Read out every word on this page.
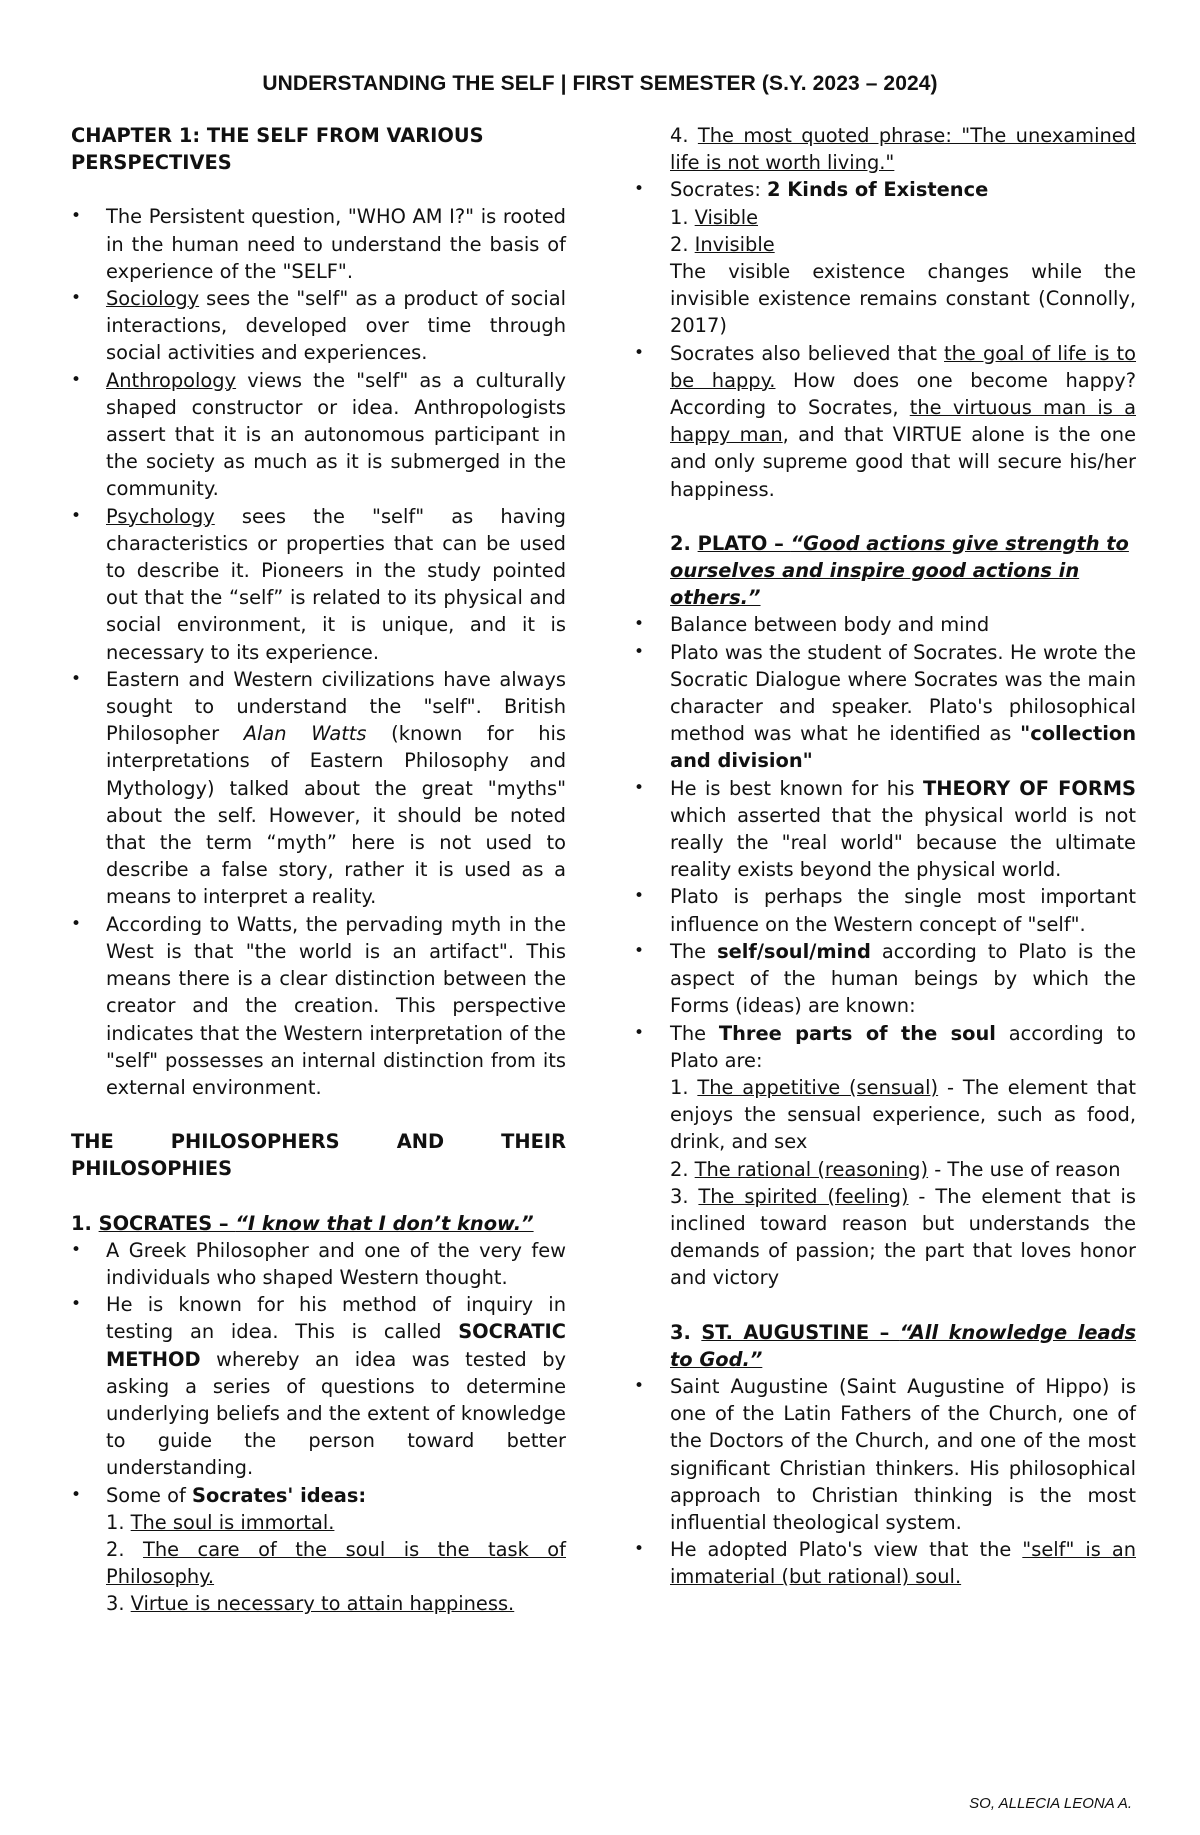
UNDERSTANDING THE SELF | FIRST SEMESTER (S.Y. 2023 – 2024)

CHAPTER 1: THE SELF FROM VARIOUS PERSPECTIVES

• The Persistent question, "WHO AM I?" is rooted in the human need to understand the basis of experience of the "SELF".
• Sociology sees the "self" as a product of social interactions, developed over time through social activities and experiences.
• Anthropology views the "self" as a culturally shaped constructor or idea. Anthropologists assert that it is an autonomous participant in the society as much as it is submerged in the community.
• Psychology sees the "self" as having characteristics or properties that can be used to describe it. Pioneers in the study pointed out that the “self” is related to its physical and social environment, it is unique, and it is necessary to its experience.
• Eastern and Western civilizations have always sought to understand the "self". British Philosopher Alan Watts (known for his interpretations of Eastern Philosophy and Mythology) talked about the great "myths" about the self. However, it should be noted that the term “myth” here is not used to describe a false story, rather it is used as a means to interpret a reality.
• According to Watts, the pervading myth in the West is that "the world is an artifact". This means there is a clear distinction between the creator and the creation. This perspective indicates that the Western interpretation of the "self" possesses an internal distinction from its external environment.

THE PHILOSOPHERS AND THEIR PHILOSOPHIES

1. SOCRATES – “I know that I don’t know.”

• A Greek Philosopher and one of the very few individuals who shaped Western thought.
• He is known for his method of inquiry in testing an idea. This is called SOCRATIC METHOD whereby an idea was tested by asking a series of questions to determine underlying beliefs and the extent of knowledge to guide the person toward better understanding.
• Some of Socrates' ideas:
1. The soul is immortal.
2. The care of the soul is the task of Philosophy.
3. Virtue is necessary to attain happiness.

4. The most quoted phrase: "The unexamined life is not worth living."

• Socrates: 2 Kinds of Existence
1. Visible
2. Invisible
The visible existence changes while the invisible existence remains constant (Connolly, 2017)
• Socrates also believed that the goal of life is to be happy. How does one become happy? According to Socrates, the virtuous man is a happy man, and that VIRTUE alone is the one and only supreme good that will secure his/her happiness.

2. PLATO – “Good actions give strength to ourselves and inspire good actions in others.”

• Balance between body and mind
• Plato was the student of Socrates. He wrote the Socratic Dialogue where Socrates was the main character and speaker. Plato's philosophical method was what he identified as "collection and division"
• He is best known for his THEORY OF FORMS which asserted that the physical world is not really the "real world" because the ultimate reality exists beyond the physical world.
• Plato is perhaps the single most important influence on the Western concept of "self".
• The self/soul/mind according to Plato is the aspect of the human beings by which the Forms (ideas) are known:
• The Three parts of the soul according to Plato are:
1. The appetitive (sensual) - The element that enjoys the sensual experience, such as food, drink, and sex
2. The rational (reasoning) - The use of reason
3. The spirited (feeling) - The element that is inclined toward reason but understands the demands of passion; the part that loves honor and victory

3. ST. AUGUSTINE – “All knowledge leads to God.”

• Saint Augustine (Saint Augustine of Hippo) is one of the Latin Fathers of the Church, one of the Doctors of the Church, and one of the most significant Christian thinkers. His philosophical approach to Christian thinking is the most influential theological system.
• He adopted Plato's view that the "self" is an immaterial (but rational) soul.
SO, ALLECIA LEONA A.
